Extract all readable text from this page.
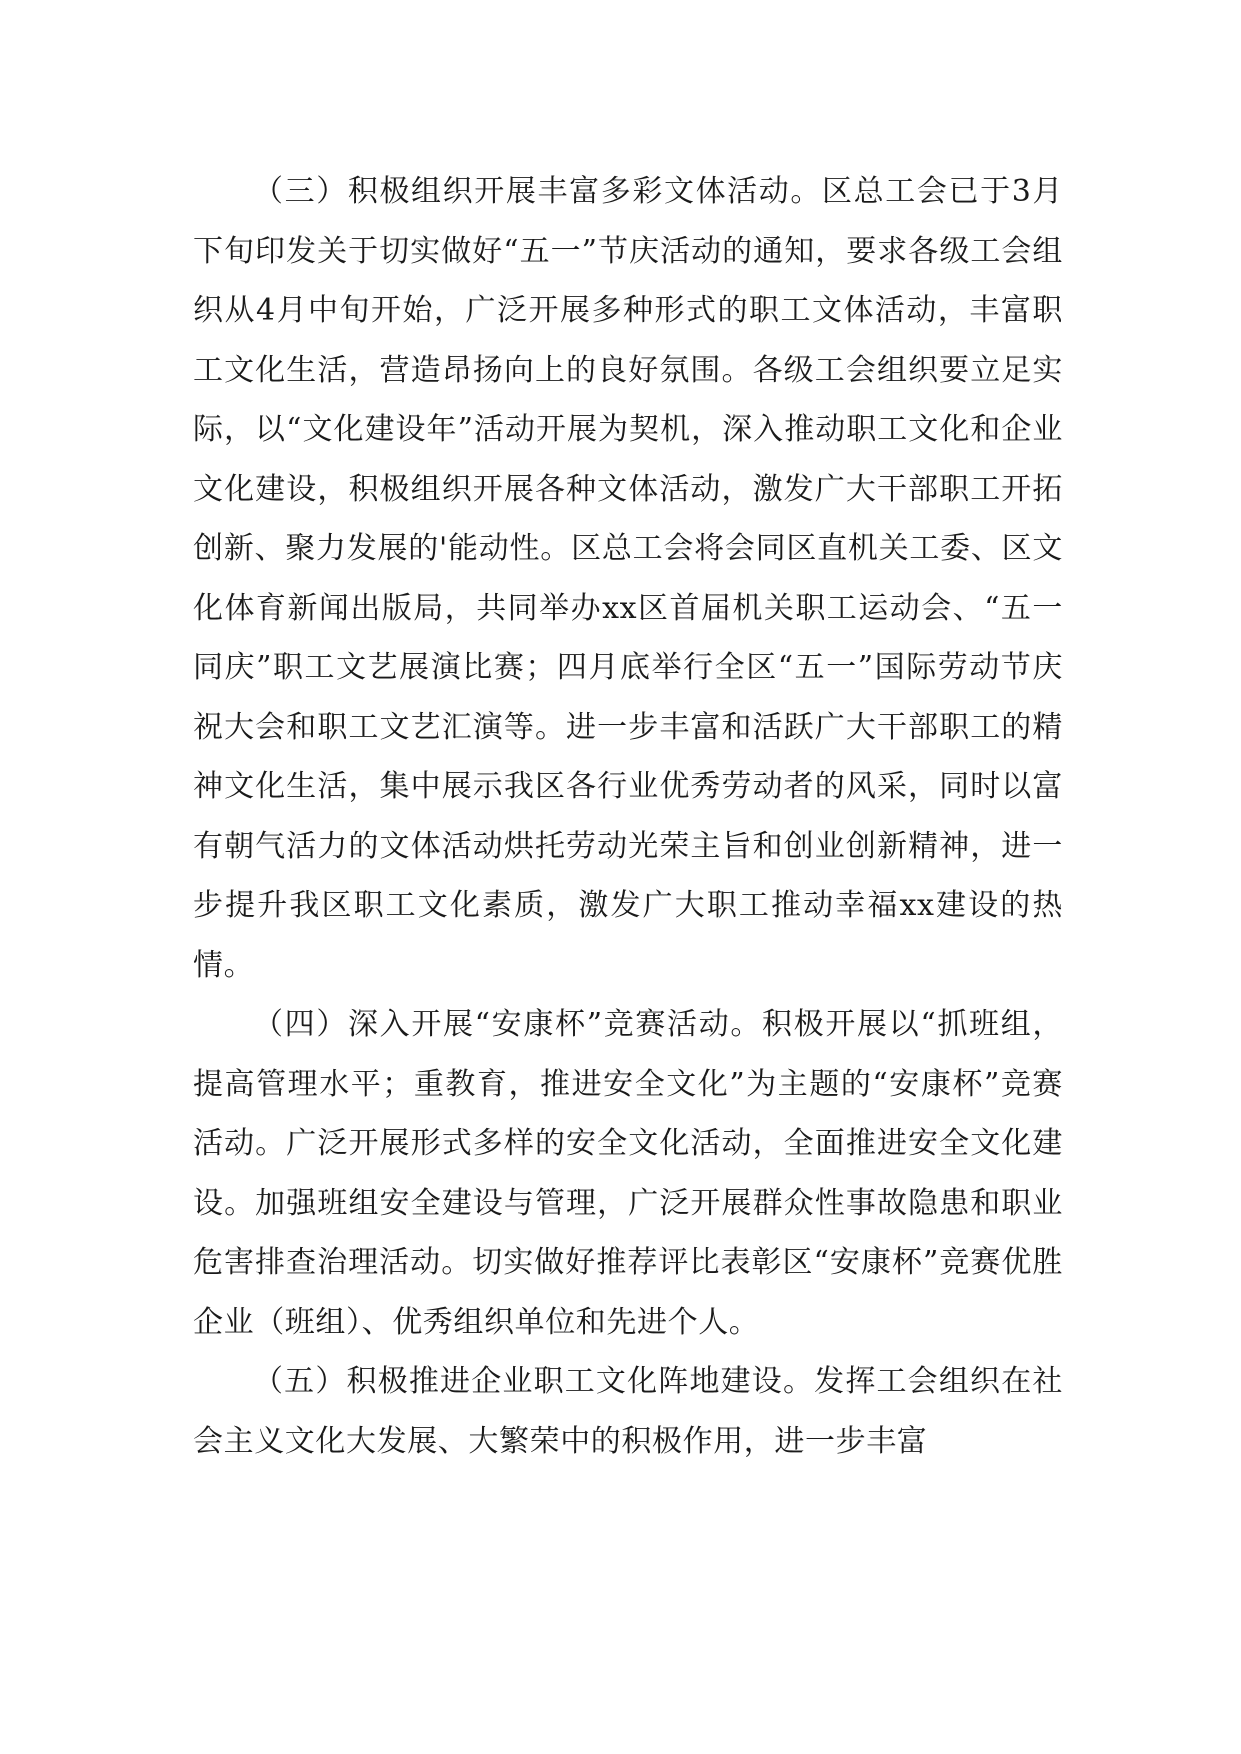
（三）积极组织开展丰富多彩文体活动。区总工会已于3月下旬印发关于切实做好“五一”节庆活动的通知，要求各级工会组织从4月中旬开始，广泛开展多种形式的职工文体活动，丰富职工文化生活，营造昂扬向上的良好氛围。各级工会组织要立足实际，以“文化建设年”活动开展为契机，深入推动职工文化和企业文化建设，积极组织开展各种文体活动，激发广大干部职工开拓创新、聚力发展的'能动性。区总工会将会同区直机关工委、区文化体育新闻出版局，共同举办xx区首届机关职工运动会、“五一同庆”职工文艺展演比赛；四月底举行全区“五一”国际劳动节庆祝大会和职工文艺汇演等。进一步丰富和活跃广大干部职工的精神文化生活，集中展示我区各行业优秀劳动者的风采，同时以富有朝气活力的文体活动烘托劳动光荣主旨和创业创新精神，进一步提升我区职工文化素质，激发广大职工推动幸福xx建设的热情。

（四）深入开展“安康杯”竞赛活动。积极开展以“抓班组，提高管理水平；重教育，推进安全文化”为主题的“安康杯”竞赛活动。广泛开展形式多样的安全文化活动，全面推进安全文化建设。加强班组安全建设与管理，广泛开展群众性事故隐患和职业危害排查治理活动。切实做好推荐评比表彰区“安康杯”竞赛优胜企业（班组）、优秀组织单位和先进个人。

（五）积极推进企业职工文化阵地建设。发挥工会组织在社会主义文化大发展、大繁荣中的积极作用，进一步丰富
